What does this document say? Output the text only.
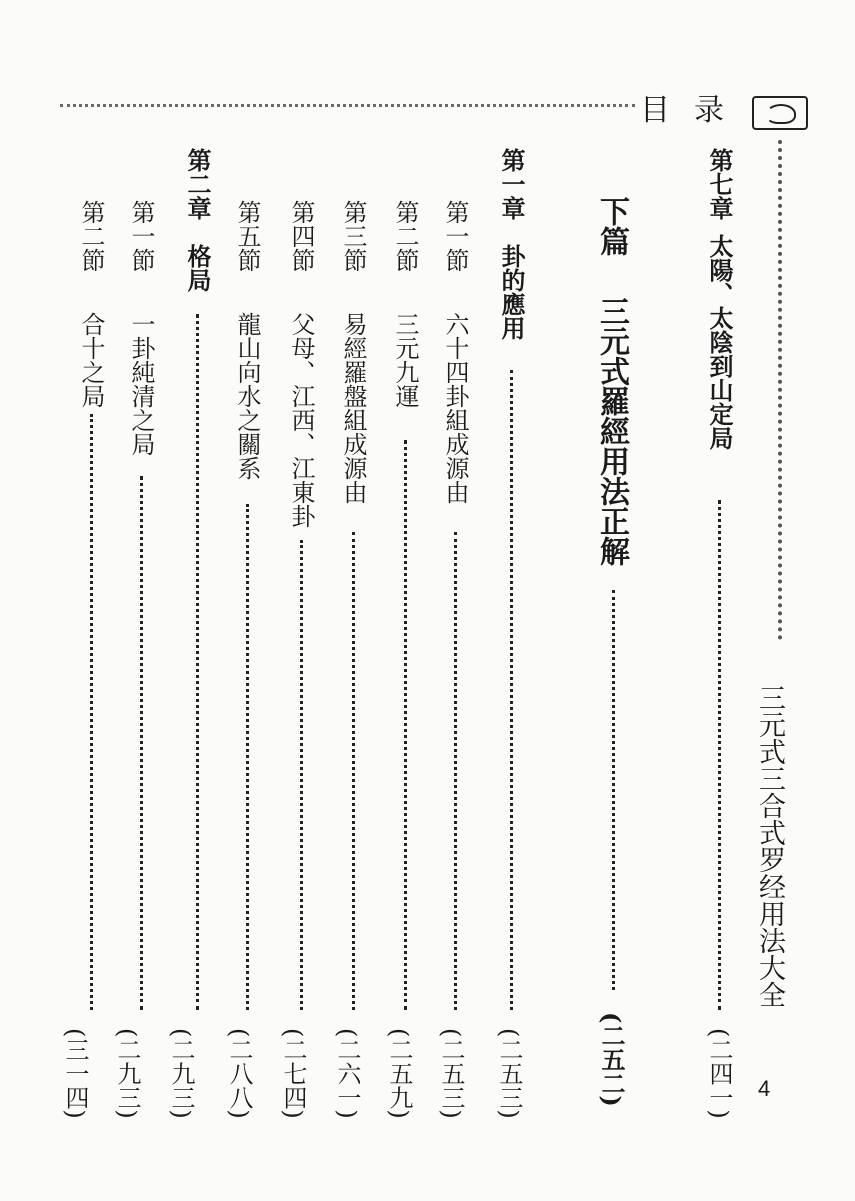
目录
三元式三合式罗经用法大全
4
第七章太陽、太陰到山定局
(二四一)
下篇三元式羅經用法正解
(二五二)
第一章卦的應用
(二五三)
第一節六十四卦組成源由
(二五三)
第二節三元九運
(二五九)
第三節易經羅盤組成源由
(二六一)
第四節父母、江西、江東卦
(二七四)
第五節龍山向水之關系
(二八八)
第二章格局
(二九三)
第一節一卦純清之局
(二九三)
第二節合十之局
(三一四)
